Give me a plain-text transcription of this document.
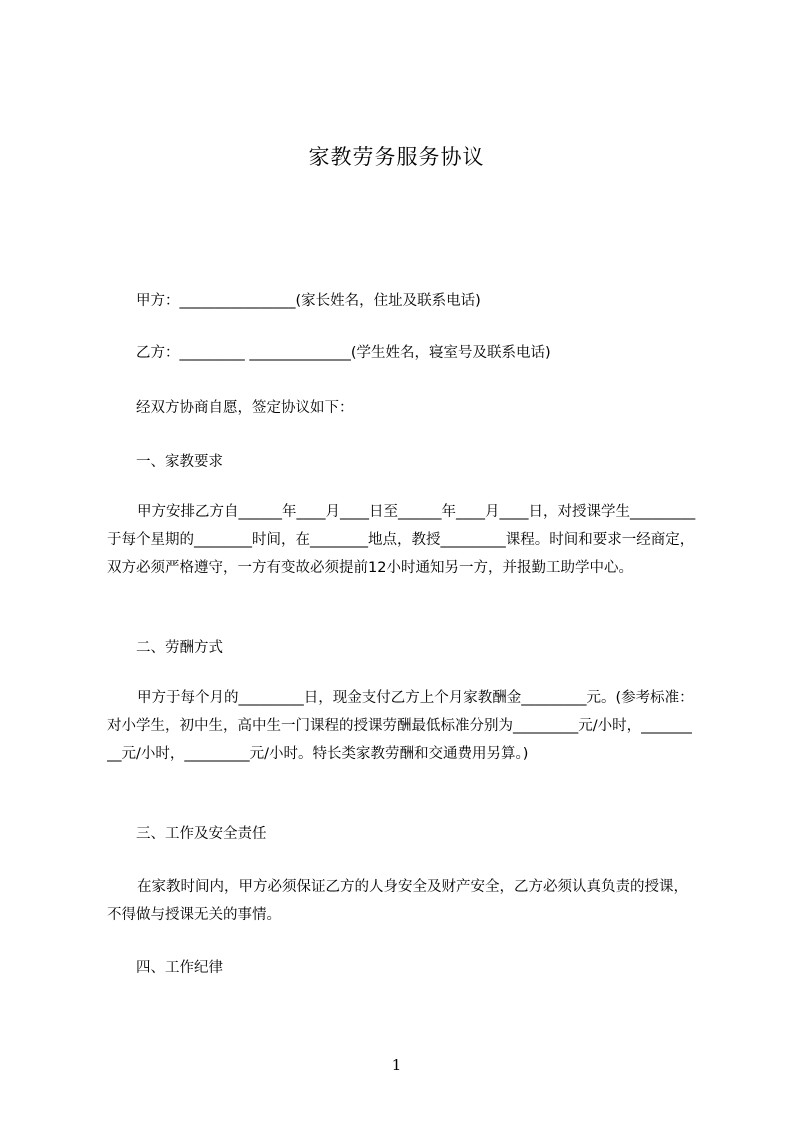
家教劳务服务协议
甲方：________________(家长姓名，住址及联系电话)
乙方：_________ ______________(学生姓名，寝室号及联系电话)
经双方协商自愿，签定协议如下：
一、家教要求
甲方安排乙方自______年____月____日至______年____月____日，对授课学生_________于每个星期的________时间，在________地点，教授_________课程。时间和要求一经商定，双方必须严格遵守，一方有变故必须提前12小时通知另一方，并报勤工助学中心。
二、劳酬方式
甲方于每个月的_________日，现金支付乙方上个月家教酬金_________元。(参考标准：对小学生，初中生，高中生一门课程的授课劳酬最低标准分别为_________元/小时，_________元/小时，_________元/小时。特长类家教劳酬和交通费用另算。)
三、工作及安全责任
在家教时间内，甲方必须保证乙方的人身安全及财产安全，乙方必须认真负责的授课，不得做与授课无关的事情。
四、工作纪律
1
